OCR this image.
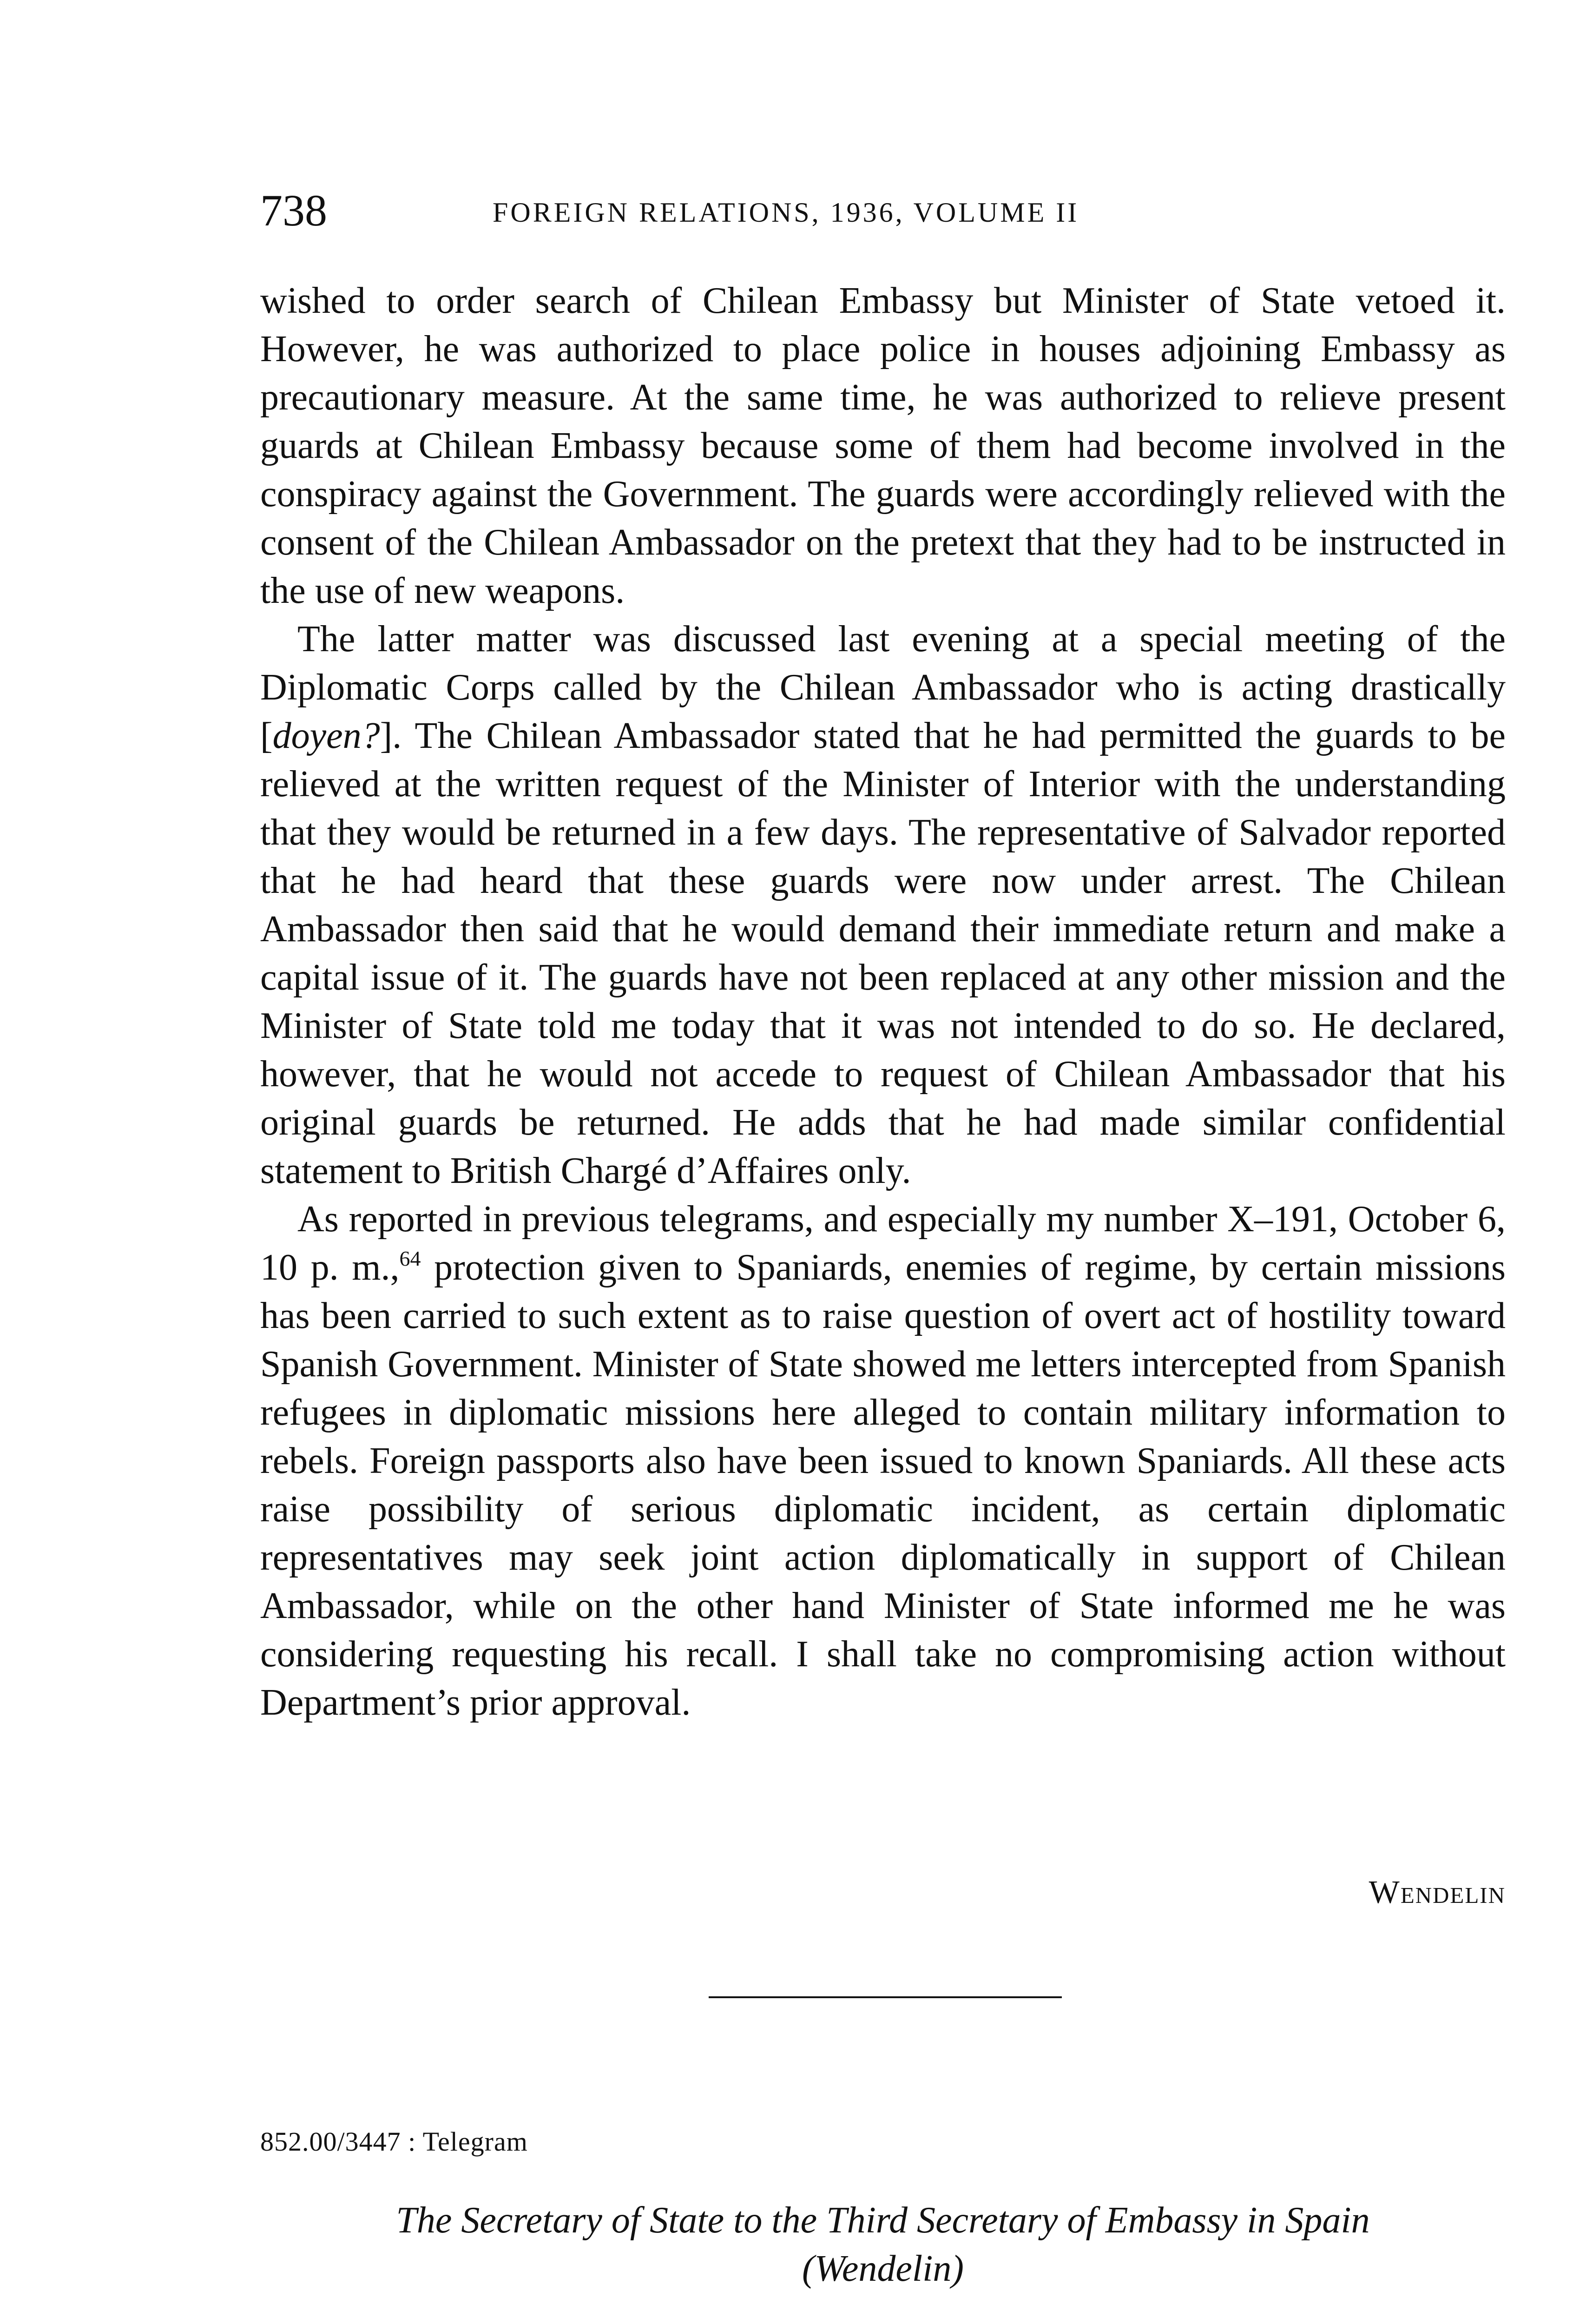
738	FOREIGN RELATIONS, 1936, VOLUME II

wished to order search of Chilean Embassy but Minister of State vetoed it. However, he was authorized to place police in houses adjoining Embassy as precautionary measure. At the same time, he was authorized to relieve present guards at Chilean Embassy because some of them had become involved in the conspiracy against the Government. The guards were accordingly relieved with the consent of the Chilean Ambassador on the pretext that they had to be instructed in the use of new weapons.

The latter matter was discussed last evening at a special meeting of the Diplomatic Corps called by the Chilean Ambassador who is acting drastically [doyen?]. The Chilean Ambassador stated that he had permitted the guards to be relieved at the written request of the Minister of Interior with the understanding that they would be returned in a few days. The representative of Salvador reported that he had heard that these guards were now under arrest. The Chilean Ambassador then said that he would demand their immediate return and make a capital issue of it. The guards have not been replaced at any other mission and the Minister of State told me today that it was not intended to do so. He declared, however, that he would not accede to request of Chilean Ambassador that his original guards be returned. He adds that he had made similar confidential statement to British Chargé d’Affaires only.

As reported in previous telegrams, and especially my number X–191, October 6, 10 p. m.,$^{64}$ protection given to Spaniards, enemies of regime, by certain missions has been carried to such extent as to raise question of overt act of hostility toward Spanish Government. Minister of State showed me letters intercepted from Spanish refugees in diplomatic missions here alleged to contain military information to rebels. Foreign passports also have been issued to known Spaniards. All these acts raise possibility of serious diplomatic incident, as certain diplomatic representatives may seek joint action diplomatically in support of Chilean Ambassador, while on the other hand Minister of State informed me he was considering requesting his recall. I shall take no compromising action without Department’s prior approval.

Wendelin
852.00/3447 : Telegram
The Secretary of State to the Third Secretary of Embassy in Spain
(Wendelin)
